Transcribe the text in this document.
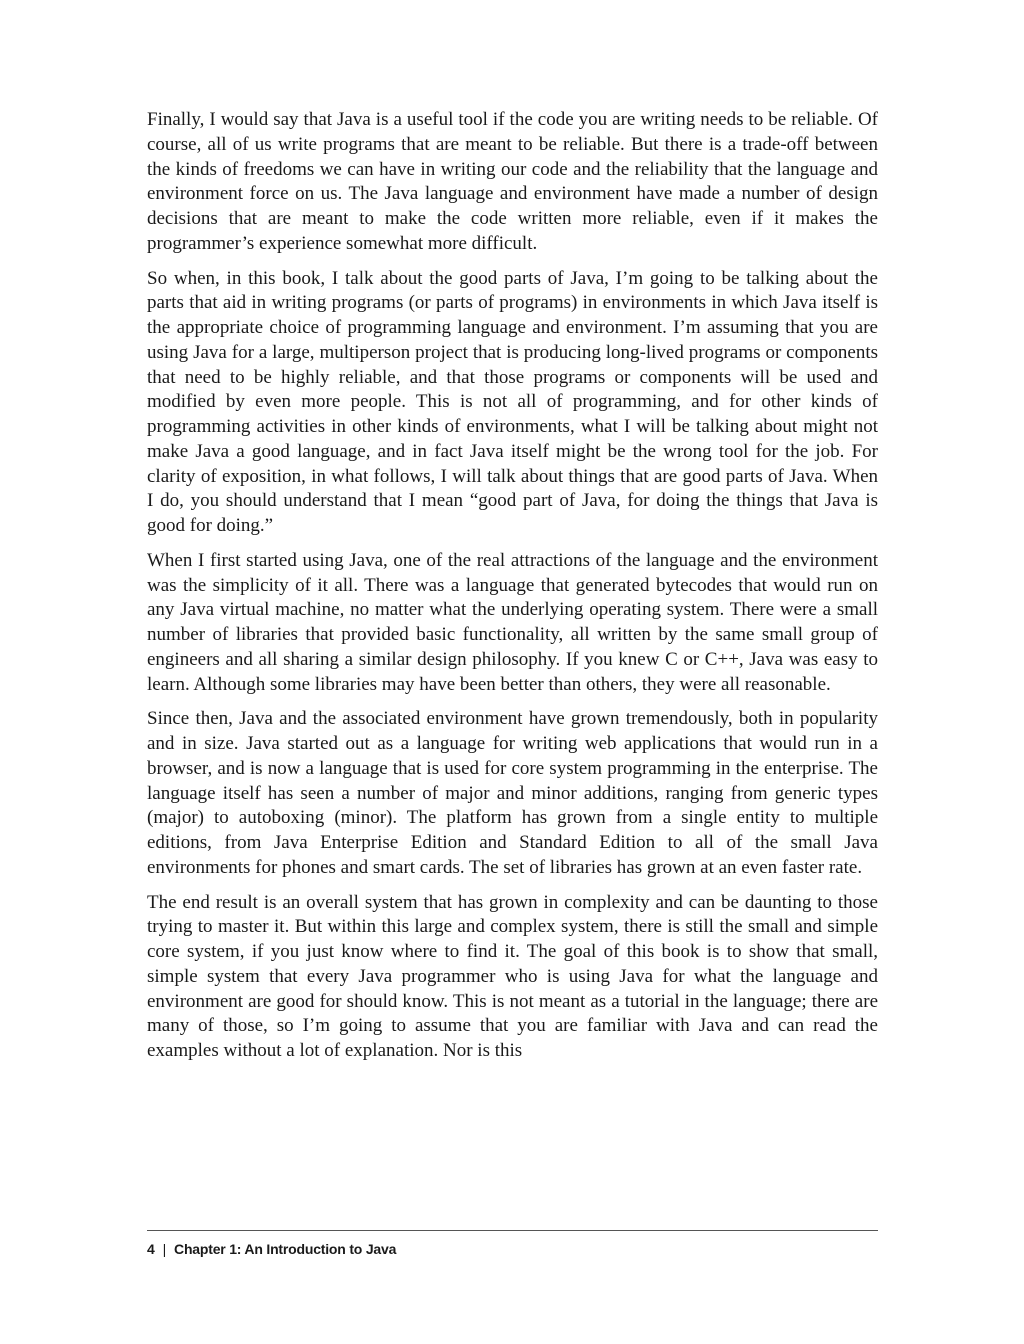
Finally, I would say that Java is a useful tool if the code you are writing needs to be reliable. Of course, all of us write programs that are meant to be reliable. But there is a trade-off between the kinds of freedoms we can have in writing our code and the reliability that the language and environment force on us. The Java language and environment have made a number of design decisions that are meant to make the code written more reliable, even if it makes the programmer’s experience somewhat more difficult.

So when, in this book, I talk about the good parts of Java, I’m going to be talking about the parts that aid in writing programs (or parts of programs) in environments in which Java itself is the appropriate choice of programming language and environment. I’m assuming that you are using Java for a large, multiperson project that is producing long-lived programs or components that need to be highly reliable, and that those programs or components will be used and modified by even more people. This is not all of programming, and for other kinds of programming activities in other kinds of environments, what I will be talking about might not make Java a good language, and in fact Java itself might be the wrong tool for the job. For clarity of exposition, in what follows, I will talk about things that are good parts of Java. When I do, you should understand that I mean “good part of Java, for doing the things that Java is good for doing.”

When I first started using Java, one of the real attractions of the language and the environment was the simplicity of it all. There was a language that generated bytecodes that would run on any Java virtual machine, no matter what the underlying operating system. There were a small number of libraries that provided basic functionality, all written by the same small group of engineers and all sharing a similar design philosophy. If you knew C or C++, Java was easy to learn. Although some libraries may have been better than others, they were all reasonable.

Since then, Java and the associated environment have grown tremendously, both in popularity and in size. Java started out as a language for writing web applications that would run in a browser, and is now a language that is used for core system programming in the enterprise. The language itself has seen a number of major and minor additions, ranging from generic types (major) to autoboxing (minor). The platform has grown from a single entity to multiple editions, from Java Enterprise Edition and Standard Edition to all of the small Java environments for phones and smart cards. The set of libraries has grown at an even faster rate.

The end result is an overall system that has grown in complexity and can be daunting to those trying to master it. But within this large and complex system, there is still the small and simple core system, if you just know where to find it. The goal of this book is to show that small, simple system that every Java programmer who is using Java for what the language and environment are good for should know. This is not meant as a tutorial in the language; there are many of those, so I’m going to assume that you are familiar with Java and can read the examples without a lot of explanation. Nor is this

4 | Chapter 1: An Introduction to Java
